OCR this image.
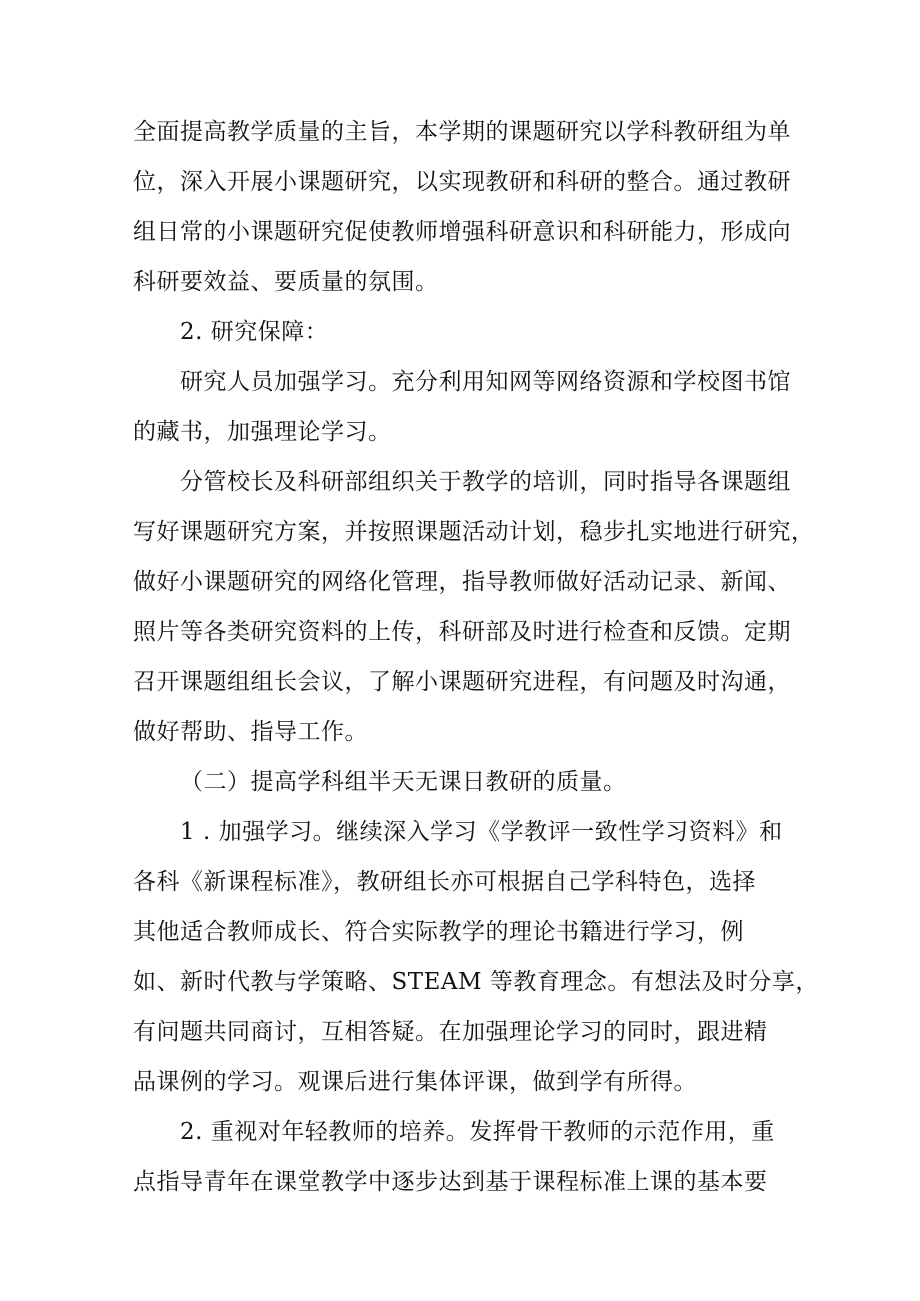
全面提高教学质量的主旨，本学期的课题研究以学科教研组为单

位，深入开展小课题研究，以实现教研和科研的整合。通过教研

组日常的小课题研究促使教师增强科研意识和科研能力，形成向

科研要效益、要质量的氛围。

2. 研究保障：

研究人员加强学习。充分利用知网等网络资源和学校图书馆

的藏书，加强理论学习。

分管校长及科研部组织关于教学的培训，同时指导各课题组

写好课题研究方案，并按照课题活动计划，稳步扎实地进行研究，

做好小课题研究的网络化管理，指导教师做好活动记录、新闻、

照片等各类研究资料的上传，科研部及时进行检查和反馈。定期

召开课题组组长会议，了解小课题研究进程，有问题及时沟通，

做好帮助、指导工作。

（二）提高学科组半天无课日教研的质量。

1 . 加强学习。继续深入学习《学教评一致性学习资料》和

各科《新课程标准》，教研组长亦可根据自己学科特色，选择

其他适合教师成长、符合实际教学的理论书籍进行学习，例

如、新时代教与学策略、STEAM 等教育理念。有想法及时分享，

有问题共同商讨，互相答疑。在加强理论学习的同时，跟进精

品课例的学习。观课后进行集体评课，做到学有所得。

2. 重视对年轻教师的培养。发挥骨干教师的示范作用，重

点指导青年在课堂教学中逐步达到基于课程标准上课的基本要
